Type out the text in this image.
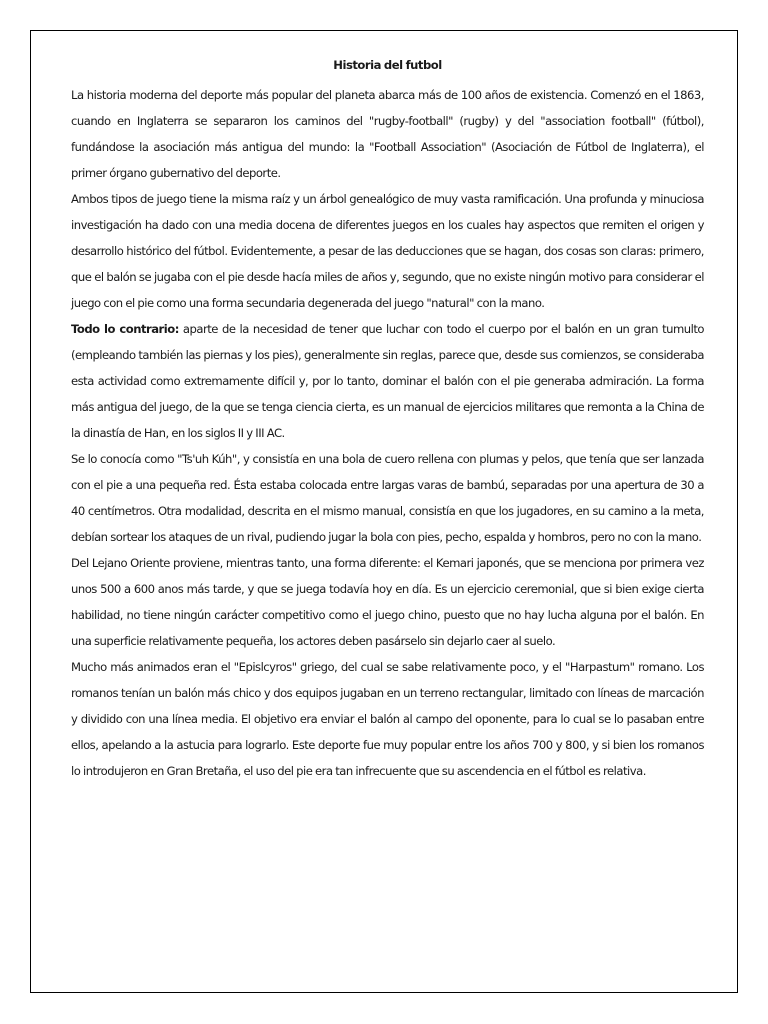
Historia del futbol

La historia moderna del deporte más popular del planeta abarca más de 100 años de existencia. Comenzó en el 1863, cuando en Inglaterra se separaron los caminos del "rugby-football" (rugby) y del "association football" (fútbol), fundándose la asociación más antigua del mundo: la "Football Association" (Asociación de Fútbol de Inglaterra), el primer órgano gubernativo del deporte.

Ambos tipos de juego tiene la misma raíz y un árbol genealógico de muy vasta ramificación. Una profunda y minuciosa investigación ha dado con una media docena de diferentes juegos en los cuales hay aspectos que remiten el origen y desarrollo histórico del fútbol. Evidentemente, a pesar de las deducciones que se hagan, dos cosas son claras: primero, que el balón se jugaba con el pie desde hacía miles de años y, segundo, que no existe ningún motivo para considerar el juego con el pie como una forma secundaria degenerada del juego "natural" con la mano.

Todo lo contrario: aparte de la necesidad de tener que luchar con todo el cuerpo por el balón en un gran tumulto (empleando también las piernas y los pies), generalmente sin reglas, parece que, desde sus comienzos, se consideraba esta actividad como extremamente difícil y, por lo tanto, dominar el balón con el pie generaba admiración. La forma más antigua del juego, de la que se tenga ciencia cierta, es un manual de ejercicios militares que remonta a la China de la dinastía de Han, en los siglos II y III AC.

Se lo conocía como "Ts'uh Kúh", y consistía en una bola de cuero rellena con plumas y pelos, que tenía que ser lanzada con el pie a una pequeña red. Ésta estaba colocada entre largas varas de bambú, separadas por una apertura de 30 a 40 centímetros. Otra modalidad, descrita en el mismo manual, consistía en que los jugadores, en su camino a la meta, debían sortear los ataques de un rival, pudiendo jugar la bola con pies, pecho, espalda y hombros, pero no con la mano.

Del Lejano Oriente proviene, mientras tanto, una forma diferente: el Kemari japonés, que se menciona por primera vez unos 500 a 600 anos más tarde, y que se juega todavía hoy en día. Es un ejercicio ceremonial, que si bien exige cierta habilidad, no tiene ningún carácter competitivo como el juego chino, puesto que no hay lucha alguna por el balón. En una superficie relativamente pequeña, los actores deben pasárselo sin dejarlo caer al suelo.

Mucho más animados eran el "Epislcyros" griego, del cual se sabe relativamente poco, y el "Harpastum" romano. Los romanos tenían un balón más chico y dos equipos jugaban en un terreno rectangular, limitado con líneas de marcación y dividido con una línea media. El objetivo era enviar el balón al campo del oponente, para lo cual se lo pasaban entre ellos, apelando a la astucia para lograrlo. Este deporte fue muy popular entre los años 700 y 800, y si bien los romanos lo introdujeron en Gran Bretaña, el uso del pie era tan infrecuente que su ascendencia en el fútbol es relativa.
